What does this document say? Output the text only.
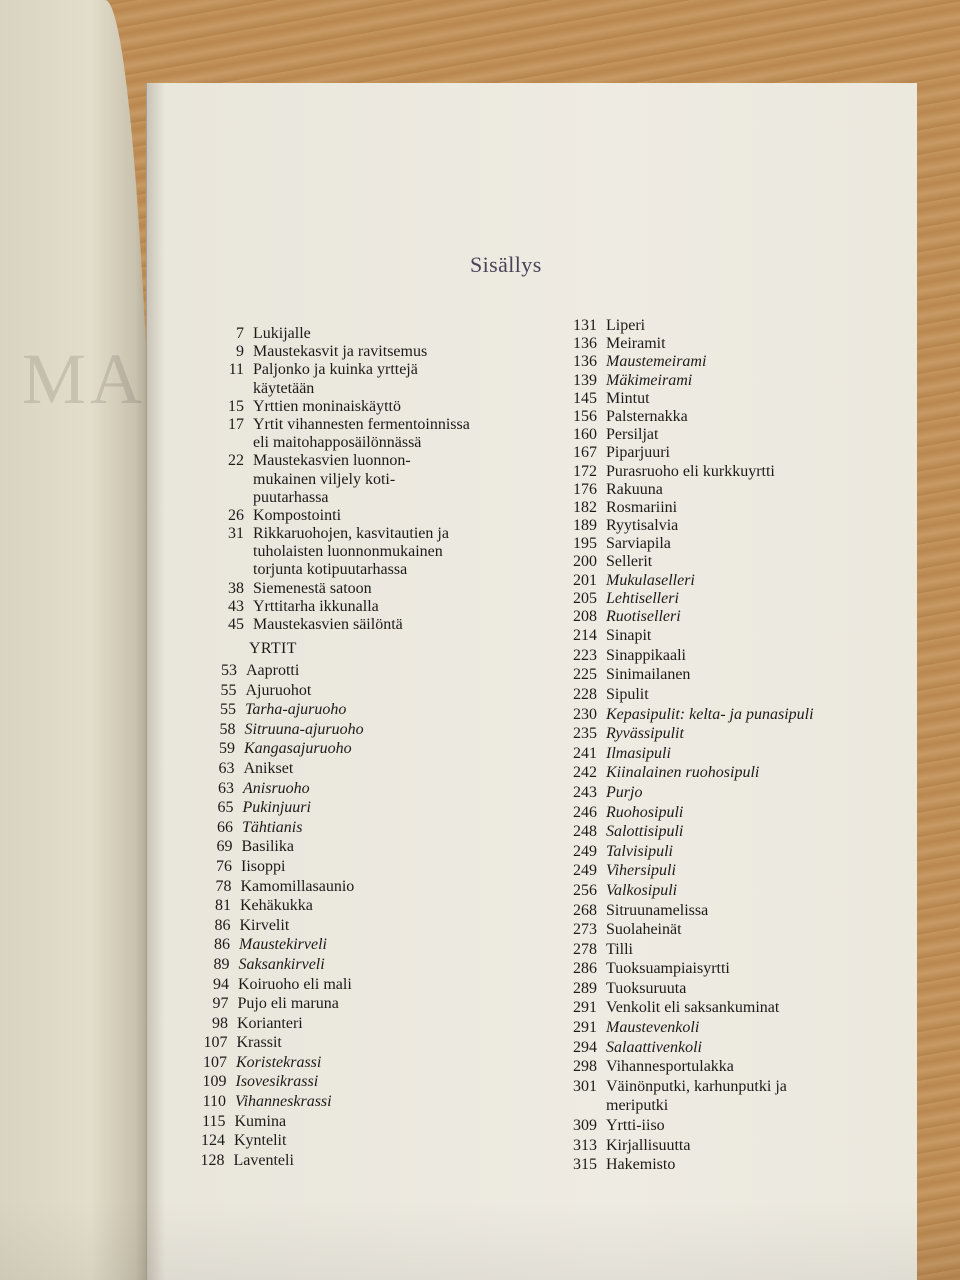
MA
Sisällys
7 Lukijalle
9 Maustekasvit ja ravitsemus
11 Paljonko ja kuinka yrttejä
käytetään
15 Yrttien moninaiskäyttö
17 Yrtit vihannesten fermentoinnissa
eli maitohapposäilönnässä
22 Maustekasvien luonnon-
mukainen viljely koti-
puutarhassa
26 Kompostointi
31 Rikkaruohojen, kasvitautien ja
tuholaisten luonnonmukainen
torjunta kotipuutarhassa
38 Siemenestä satoon
43 Yrttitarha ikkunalla
45 Maustekasvien säilöntä
YRTIT
53 Aaprotti
55 Ajuruohot
55 Tarha-ajuruoho
58 Sitruuna-ajuruoho
59 Kangasajuruoho
63 Anikset
63 Anisruoho
65 Pukinjuuri
66 Tähtianis
69 Basilika
76 Iisoppi
78 Kamomillasaunio
81 Kehäkukka
86 Kirvelit
86 Maustekirveli
89 Saksankirveli
94 Koiruoho eli mali
97 Pujo eli maruna
98 Korianteri
107 Krassit
107 Koristekrassi
109 Isovesikrassi
110 Vihanneskrassi
115 Kumina
124 Kyntelit
128 Laventeli
131 Liperi
136 Meiramit
136 Maustemeirami
139 Mäkimeirami
145 Mintut
156 Palsternakka
160 Persiljat
167 Piparjuuri
172 Purasruoho eli kurkkuyrtti
176 Rakuuna
182 Rosmariini
189 Ryytisalvia
195 Sarviapila
200 Sellerit
201 Mukulaselleri
205 Lehtiselleri
208 Ruotiselleri
214 Sinapit
223 Sinappikaali
225 Sinimailanen
228 Sipulit
230 Kepasipulit: kelta- ja punasipuli
235 Ryvässipulit
241 Ilmasipuli
242 Kiinalainen ruohosipuli
243 Purjo
246 Ruohosipuli
248 Salottisipuli
249 Talvisipuli
249 Vihersipuli
256 Valkosipuli
268 Sitruunamelissa
273 Suolaheinät
278 Tilli
286 Tuoksuampiaisyrtti
289 Tuoksuruuta
291 Venkolit eli saksankuminat
291 Maustevenkoli
294 Salaattivenkoli
298 Vihannesportulakka
301 Väinönputki, karhunputki ja
meriputki
309 Yrtti-iiso
313 Kirjallisuutta
315 Hakemisto
